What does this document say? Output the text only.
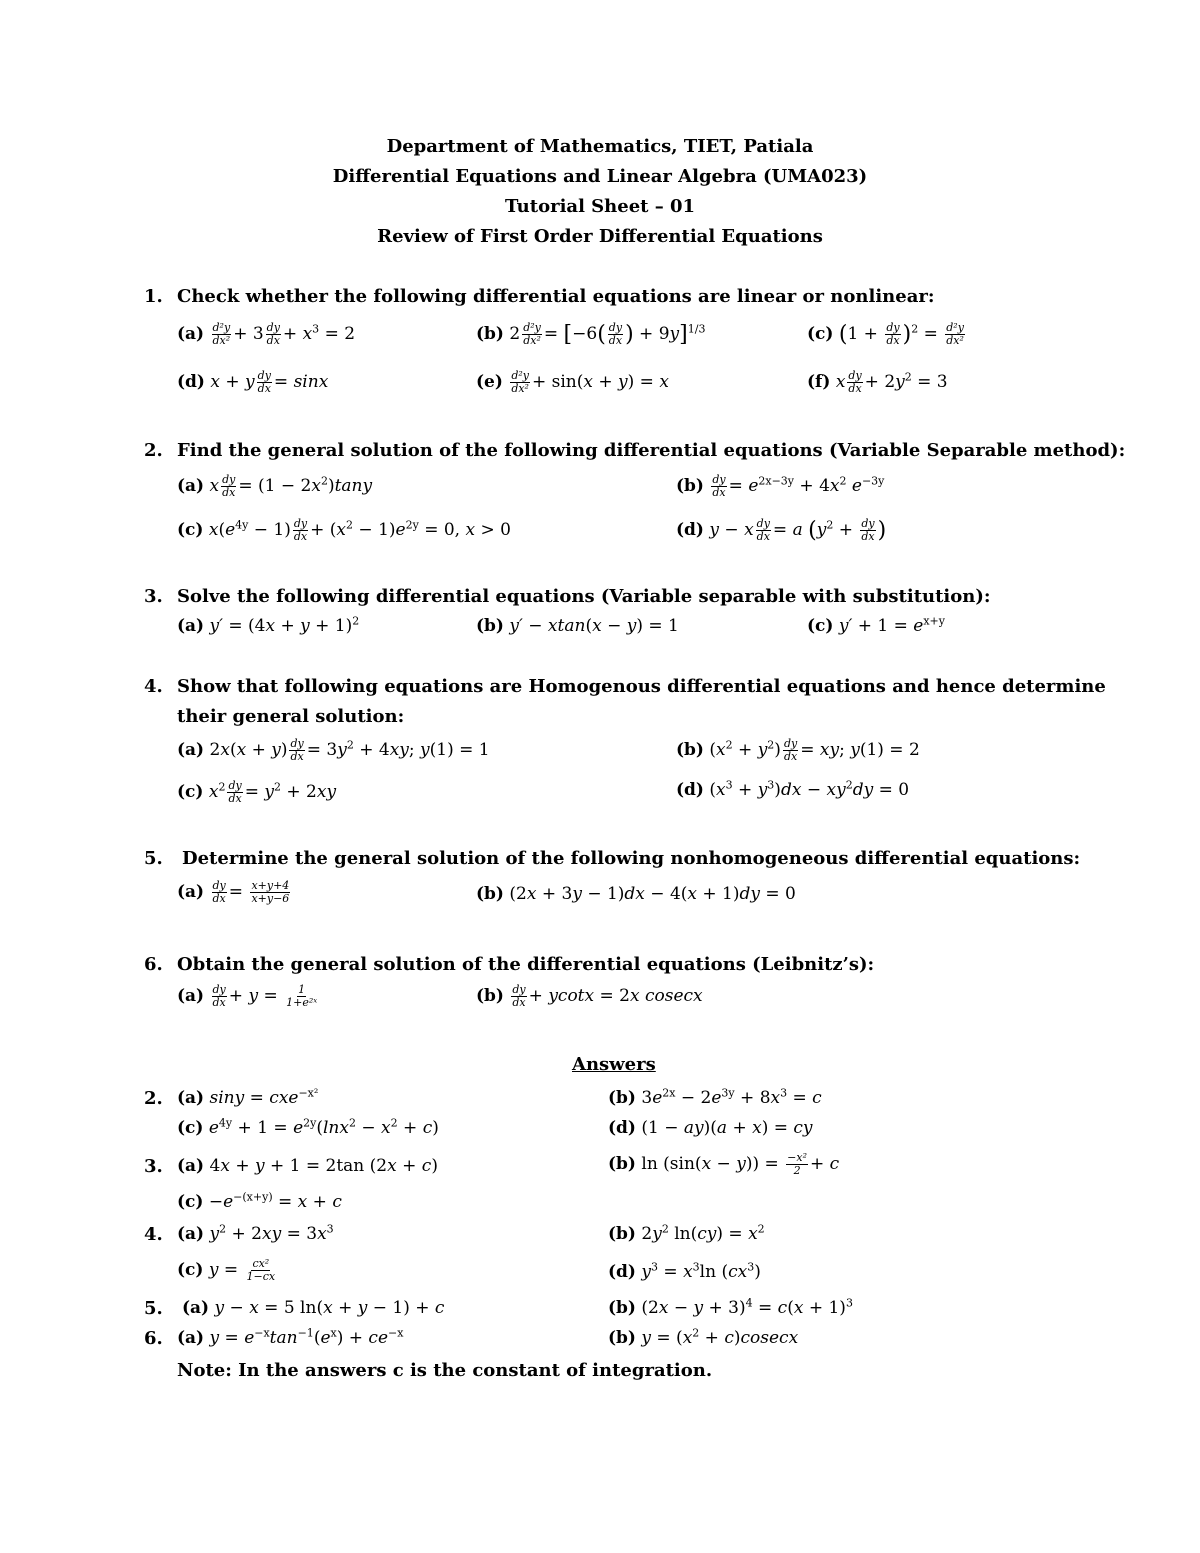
Department of Mathematics, TIET, Patiala
Differential Equations and Linear Algebra (UMA023)
Tutorial Sheet – 01
Review of First Order Differential Equations
1. Check whether the following differential equations are linear or nonlinear:
$(a) \frac{\text{d²y}}{\text{dx²}} + 3 \frac{dy}{dx} + x^3 = 2$	(b) $2 \frac{\text{d²y}}{\text{dx²}} = [-6( \frac{dy}{dx}$ ) + 9y]$^{1/3}$	(c) $(1 + \frac{dy}{dx} )^2 = \frac{\text{d²y}}{\text{dx²}}$
(d) x + y $\frac{dy}{dx} = \sin x$	$(e) \frac{\text{d²y}}{\text{dx²}} + \sin(x + y) = x$	(f) x $\frac{dy}{dx} + 2y^2 = 3$
2. Find the general solution of the following differential equations (Variable Separable method):
(a) x $\frac{dy}{dx} = (1 - 2x^2)\tan y$	$(b) \frac{dy}{dx} = e^{2x-3y} + 4x^2$ $e^{-3y}$
(c) $x(e^{4y} - 1) \frac{dy}{dx} + (x^2 - 1)e^{2y} = 0$, x > 0	(d) y − x $\frac{dy}{dx} = a$ ($y^2 + \frac{dy}{dx}$ )
3. Solve the following differential equations (Variable separable with substitution):
(a) $y' = (4x + y + 1)^2$	(b) y′ − xtan(x − y) = 1	(c) $y' + 1 = e^{x+y}$
4. Show that following equations are Homogenous differential equations and hence determine
their general solution:
(a) $2x(x + y) \frac{dy}{dx} = 3y^2 + 4xy$; y(1) = 1	(b) $(x^2 + y^2) \frac{dy}{dx}$ = xy; y(1) = 2
(c) $x^2 \frac{dy}{dx} = y^2 + 2xy$	(d) $(x^3 + y^3)dx - xy^2dy = 0$
5. Determine the general solution of the following nonhomogeneous differential equations:
$(a) \frac{dy}{dx} = \frac{x+y+4}{x+y-6}$	(b) (2x + 3y − 1)dx − 4(x + 1)dy = 0
6. Obtain the general solution of the differential equations (Leibnitz’s):
$(a) \frac{dy}{dx} + y = \frac{1}{\text{1+e²ˣ}}$	$(b) \frac{dy}{dx} + ycotx = 2x$ cosecx
Answers
2. (a) siny = cxe$^{-x^2}$	(b) $3e^{2x} - 2e^{3y} + 8x^3 = c$
(c) $e^{4y} + 1 = e^{2y}(\ln x^2 - x^2 + c)$	(d) (1 − ay)(a + x) = cy
3. (a) 4x + y + 1 = 2tan (2x + c)	(b) $\ln (\sin(x - y)) = \frac{\text{−x²}}{2} + c$
$(c) -e^{-(x+y)} = x + c$
4. (a) $y^2 + 2xy = 3x^3$	(b) $2y^2$ $\ln(cy) = x^2$
(c) $y = \frac{\text{cx²}}{1-cx}$	(d) $y^3 = x^3\ln$ $(cx^3)$
5. (a) y − x = 5 ln(x + y − 1) + c	(b) $(2x - y + 3)^4 = c(x + 1)^3$
6. (a) $y = e^{-x}\tan^{-1}(e^x) + ce^{-x}$	(b) $y = (x^2 + c)cosecx$
Note: In the answers c is the constant of integration.
